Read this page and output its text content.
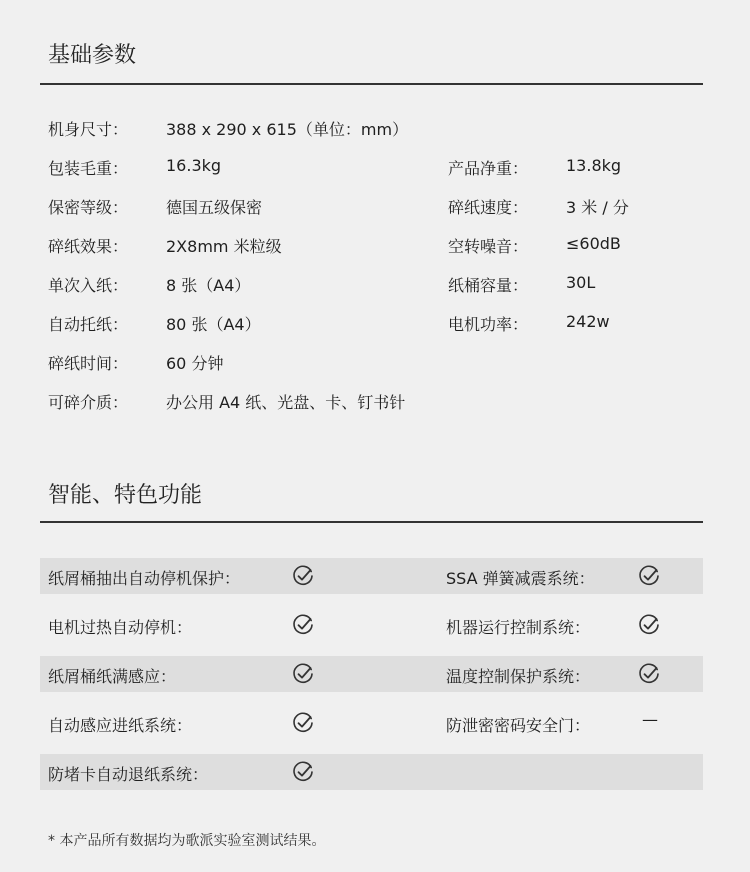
基础参数
机身尺寸： 388 x 290 x 615（单位：mm）
包装毛重： 16.3kg	产品净重： 13.8kg
保密等级： 德国五级保密	碎纸速度： 3 米 / 分
碎纸效果： 2X8mm 米粒级	空转噪音： ≤60dB
单次入纸： 8 张（A4）	纸桶容量： 30L
自动托纸： 80 张（A4）	电机功率： 242w
碎纸时间： 60 分钟
可碎介质： 办公用 A4 纸、光盘、卡、钉书针
智能、特色功能
纸屑桶抽出自动停机保护：	SSA 弹簧减震系统：
电机过热自动停机：	机器运行控制系统：
纸屑桶纸满感应：	温度控制保护系统：
自动感应进纸系统：	防泄密密码安全门：	—
防堵卡自动退纸系统：
* 本产品所有数据均为歌派实验室测试结果。
